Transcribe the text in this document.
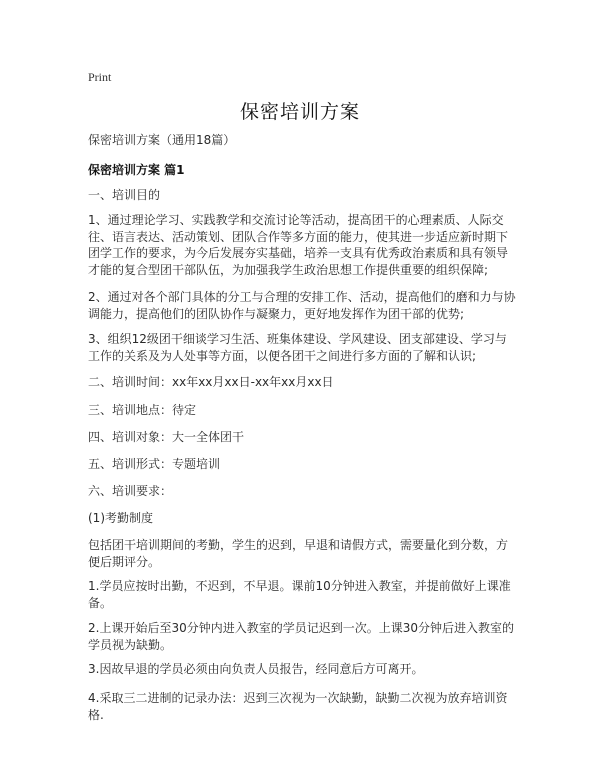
Print
保密培训方案

保密培训方案（通用18篇）

保密培训方案 篇1

一、培训目的

1、通过理论学习、实践教学和交流讨论等活动，提高团干的心理素质、人际交往、语言表达、活动策划、团队合作等多方面的能力，使其进一步适应新时期下团学工作的要求，为今后发展夯实基础，培养一支具有优秀政治素质和具有领导才能的复合型团干部队伍，为加强我学生政治思想工作提供重要的组织保障;

2、通过对各个部门具体的分工与合理的安排工作、活动，提高他们的磨和力与协调能力，提高他们的团队协作与凝聚力，更好地发挥作为团干部的优势;

3、组织12级团干细谈学习生活、班集体建设、学风建设、团支部建设、学习与工作的关系及为人处事等方面，以便各团干之间进行多方面的了解和认识;

二、培训时间：xx年xx月xx日-xx年xx月xx日

三、培训地点：待定

四、培训对象：大一全体团干

五、培训形式：专题培训

六、培训要求：

(1)考勤制度

包括团干培训期间的考勤，学生的迟到，早退和请假方式，需要量化到分数，方便后期评分。

1.学员应按时出勤，不迟到，不早退。课前10分钟进入教室，并提前做好上课准备。

2.上课开始后至30分钟内进入教室的学员记迟到一次。上课30分钟后进入教室的学员视为缺勤。

3.因故早退的学员必须由向负责人员报告，经同意后方可离开。

4.采取三二进制的记录办法：迟到三次视为一次缺勤，缺勤二次视为放弃培训资格.
